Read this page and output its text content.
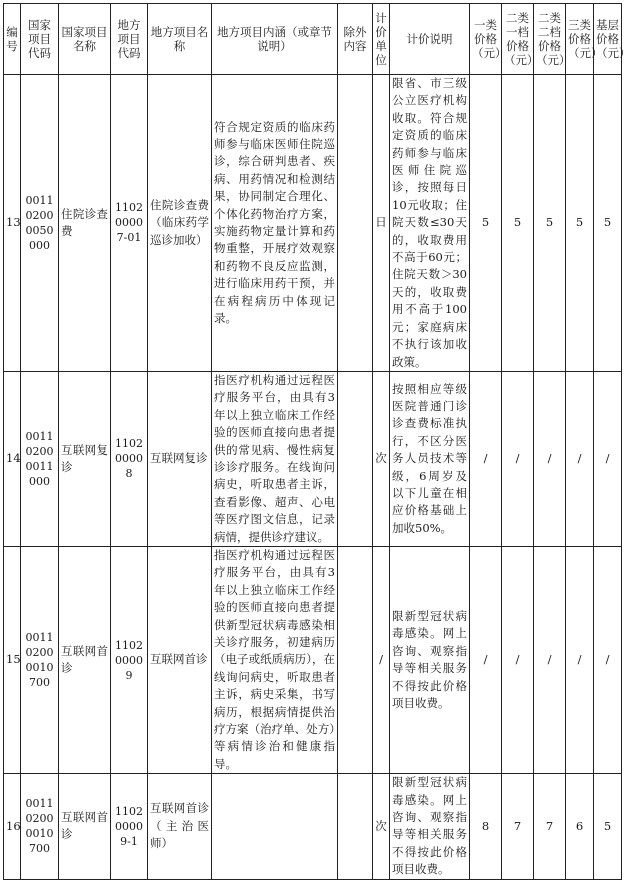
编号	国家项目代码	国家项目名称	地方项目代码	地方项目名称	地方项目内涵（或章节说明）	除外内容	计价单位	计价说明	一类价格（元）	二类一档价格（元）	二类二档价格（元）	三类价格（元）	基层价格（元）
13	001102000050000	住院诊查费	110200007-01	住院诊查费（临床药学巡诊加收）	符合规定资质的临床药师参与临床医师住院巡诊，综合研判患者、疾病、用药情况和检测结果，协同制定合理化、个体化药物治疗方案，实施药物定量计算和药物重整，开展疗效观察和药物不良反应监测，进行临床用药干预，并在病程病历中体现记录。		日	限省、市三级公立医疗机构收取。符合规定资质的临床药师参与临床医师住院巡诊，按照每日10元收取；住院天数≤30天的，收取费用不高于60元；住院天数＞30天的，收取费用不高于100元；家庭病床不执行该加收政策。	5	5	5	5	5
14	001102000011000	互联网复诊	110200008	互联网复诊	指医疗机构通过远程医疗服务平台，由具有3年以上独立临床工作经验的医师直接向患者提供的常见病、慢性病复诊诊疗服务。在线询问病史，听取患者主诉，查看影像、超声、心电等医疗图文信息，记录病情，提供诊疗建议。		次	按照相应等级医院普通门诊诊查费标准执行，不区分医务人员技术等级，6周岁及以下儿童在相应价格基础上加收50%。	/	/	/	/	/
15	001102000010700	互联网首诊	110200009	互联网首诊	指医疗机构通过远程医疗服务平台，由具有3年以上独立临床工作经验的医师直接向患者提供新型冠状病毒感染相关诊疗服务，初建病历（电子或纸质病历），在线询问病史，听取患者主诉，病史采集，书写病历，根据病情提供治疗方案（治疗单、处方）等病情诊治和健康指导。		/	限新型冠状病毒感染。网上咨询、观察指导等相关服务不得按此价格项目收费。	/	/	/	/	/
16	001102000010700	互联网首诊	110200009-1	互联网首诊（主治医师）			次	限新型冠状病毒感染。网上咨询、观察指导等相关服务不得按此价格项目收费。	8	7	7	6	5
